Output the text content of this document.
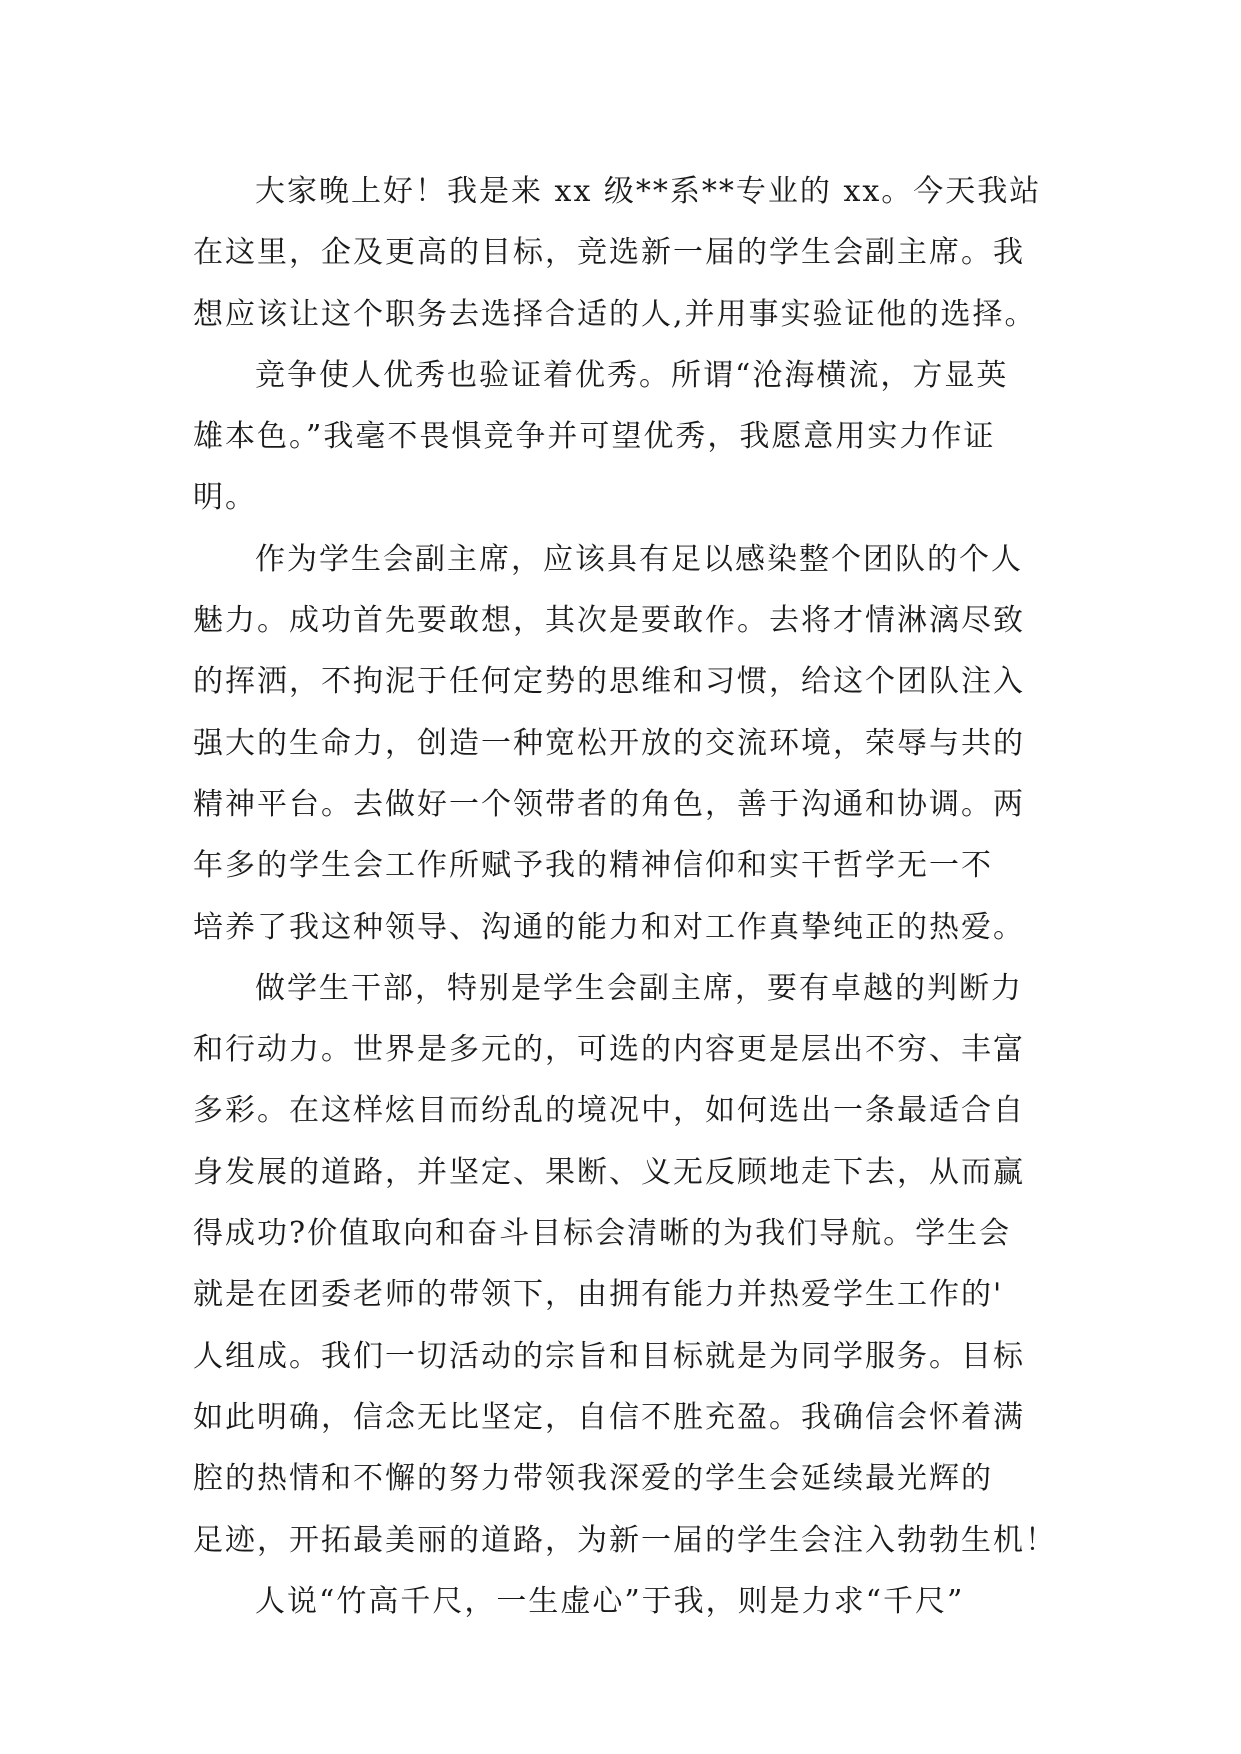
大家晚上好！我是来 xx 级**系**专业的 xx。今天我站
在这里，企及更高的目标，竞选新一届的学生会副主席。我
想应该让这个职务去选择合适的人,并用事实验证他的选择。
竞争使人优秀也验证着优秀。所谓“沧海横流，方显英
雄本色。”我毫不畏惧竞争并可望优秀，我愿意用实力作证
明。
作为学生会副主席，应该具有足以感染整个团队的个人
魅力。成功首先要敢想，其次是要敢作。去将才情淋漓尽致
的挥洒，不拘泥于任何定势的思维和习惯，给这个团队注入
强大的生命力，创造一种宽松开放的交流环境，荣辱与共的
精神平台。去做好一个领带者的角色，善于沟通和协调。两
年多的学生会工作所赋予我的精神信仰和实干哲学无一不
培养了我这种领导、沟通的能力和对工作真挚纯正的热爱。
做学生干部，特别是学生会副主席，要有卓越的判断力
和行动力。世界是多元的，可选的内容更是层出不穷、丰富
多彩。在这样炫目而纷乱的境况中，如何选出一条最适合自
身发展的道路，并坚定、果断、义无反顾地走下去，从而赢
得成功?价值取向和奋斗目标会清晰的为我们导航。学生会
就是在团委老师的带领下，由拥有能力并热爱学生工作的'
人组成。我们一切活动的宗旨和目标就是为同学服务。目标
如此明确，信念无比坚定，自信不胜充盈。我确信会怀着满
腔的热情和不懈的努力带领我深爱的学生会延续最光辉的
足迹，开拓最美丽的道路，为新一届的学生会注入勃勃生机！
人说“竹高千尺，一生虚心”于我，则是力求“千尺”
